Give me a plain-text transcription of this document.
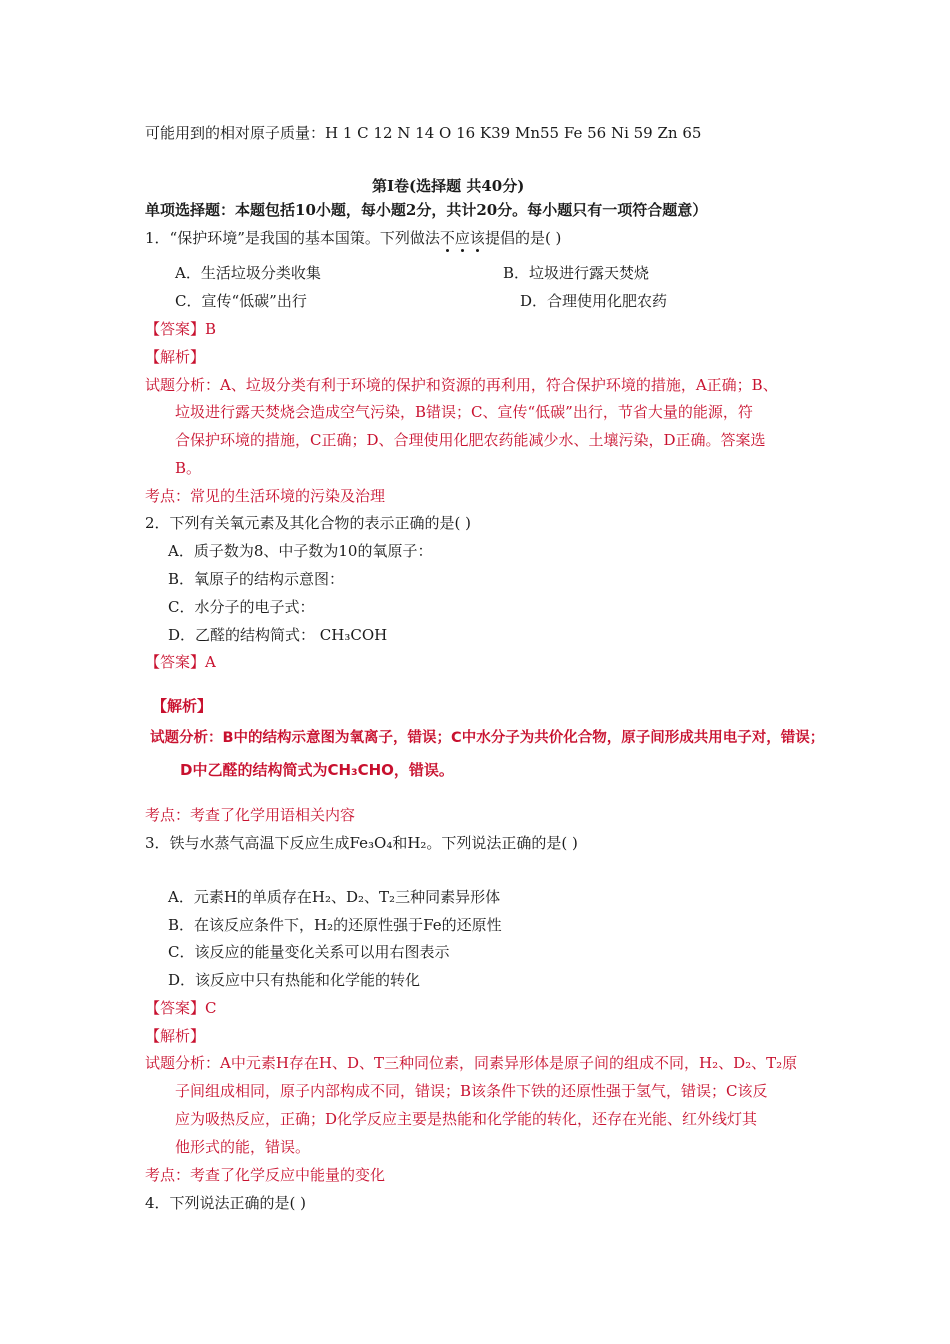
可能用到的相对原子质量：H 1 C 12 N 14 O 16 K39 Mn55 Fe 56 Ni 59 Zn 65
第Ⅰ卷(选择题 共40分)
单项选择题：本题包括10小题，每小题2分，共计20分。每小题只有一项符合题意）
1．“保护环境”是我国的基本国策。下列做法不应该提倡的是( )
A．生活垃圾分类收集	B．垃圾进行露天焚烧
C．宣传“低碳”出行	D．合理使用化肥农药
【答案】B
【解析】
试题分析：A、垃圾分类有利于环境的保护和资源的再利用，符合保护环境的措施，A正确；B、
垃圾进行露天焚烧会造成空气污染，B错误；C、宣传“低碳”出行，节省大量的能源，符
合保护环境的措施，C正确；D、合理使用化肥农药能减少水、土壤污染，D正确。答案选
B。
考点：常见的生活环境的污染及治理
2．下列有关氧元素及其化合物的表示正确的是( )
A．质子数为8、中子数为10的氧原子：
B．氧原子的结构示意图：
C．水分子的电子式：
D．乙醛的结构简式： CH₃COH
【答案】A
【解析】
试题分析：B中的结构示意图为氧离子，错误；C中水分子为共价化合物，原子间形成共用电子对，错误；
D中乙醛的结构简式为CH₃CHO，错误。
考点：考查了化学用语相关内容
3．铁与水蒸气高温下反应生成Fe₃O₄和H₂。下列说法正确的是( )
A．元素H的单质存在H₂、D₂、T₂三种同素异形体
B．在该反应条件下，H₂的还原性强于Fe的还原性
C．该反应的能量变化关系可以用右图表示
D．该反应中只有热能和化学能的转化
【答案】C
【解析】
试题分析：A中元素H存在H、D、T三种同位素，同素异形体是原子间的组成不同，H₂、D₂、T₂原
子间组成相同，原子内部构成不同，错误；B该条件下铁的还原性强于氢气，错误；C该反
应为吸热反应，正确；D化学反应主要是热能和化学能的转化，还存在光能、红外线灯其
他形式的能，错误。
考点：考查了化学反应中能量的变化
4．下列说法正确的是( )
